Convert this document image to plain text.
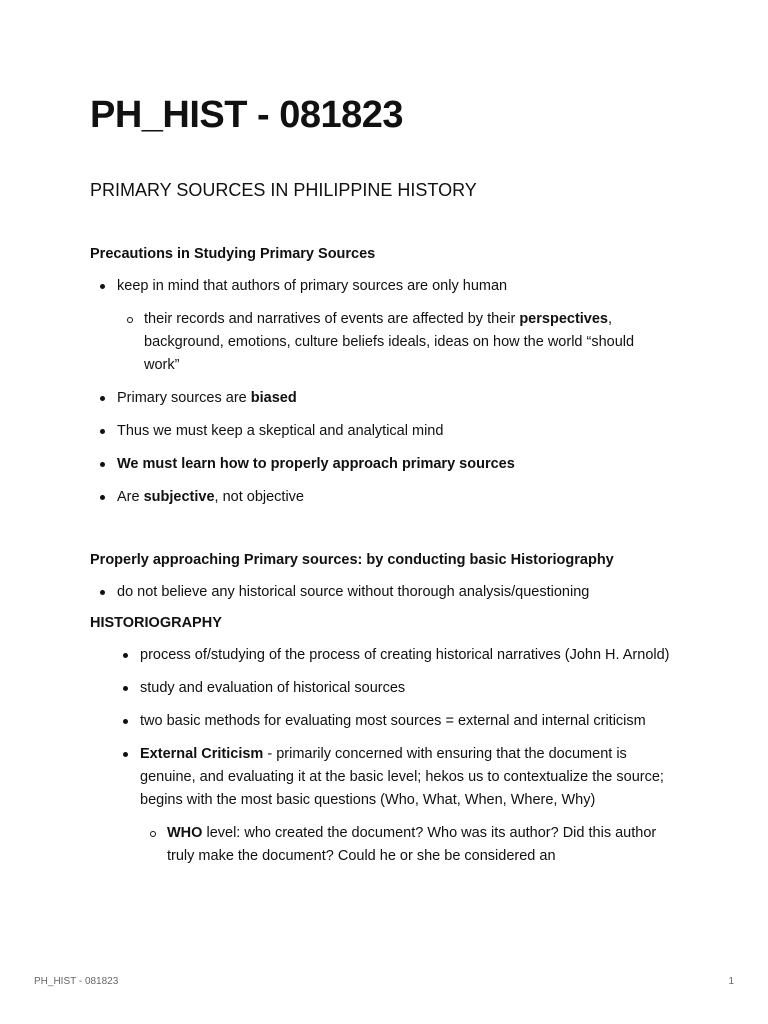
PH_HIST - 081823
PRIMARY SOURCES IN PHILIPPINE HISTORY
Precautions in Studying Primary Sources
keep in mind that authors of primary sources are only human
their records and narratives of events are affected by their perspectives, background, emotions, culture beliefs ideals, ideas on how the world “should work”
Primary sources are biased
Thus we must keep a skeptical and analytical mind
We must learn how to properly approach primary sources
Are subjective, not objective
Properly approaching Primary sources: by conducting basic Historiography
do not believe any historical source without thorough analysis/questioning
HISTORIOGRAPHY
process of/studying of the process of creating historical narratives (John H. Arnold)
study and evaluation of historical sources
two basic methods for evaluating most sources = external and internal criticism
External Criticism - primarily concerned with ensuring that the document is genuine, and evaluating it at the basic level; hekos us to contextualize the source; begins with the most basic questions (Who, What, When, Where, Why)
WHO level: who created the document? Who was its author? Did this author truly make the document? Could he or she be considered an
PH_HIST - 081823	1
